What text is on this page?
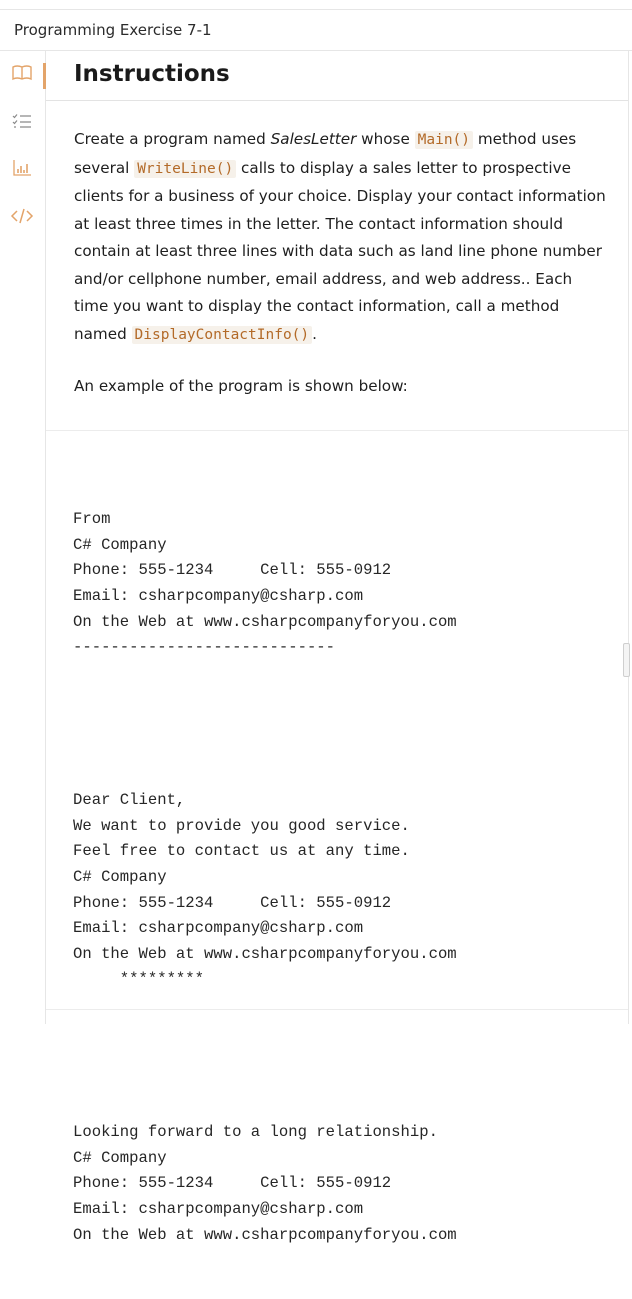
Programming Exercise 7-1
Instructions

Create a program named SalesLetter whose Main() method uses several WriteLine() calls to display a sales letter to prospective clients for a business of your choice. Display your contact information at least three times in the letter. The contact information should contain at least three lines with data such as land line phone number and/or cellphone number, email address, and web address.. Each time you want to display the contact information, call a method named DisplayContactInfo() .

An example of the program is shown below:

From
C# Company
Phone: 555-1234     Cell: 555-0912
Email: csharpcompany@csharp.com
On the Web at www.csharpcompanyforyou.com
----------------------------

Dear Client,
We want to provide you good service.
Feel free to contact us at any time.
C# Company
Phone: 555-1234     Cell: 555-0912
Email: csharpcompany@csharp.com
On the Web at www.csharpcompanyforyou.com
*********

Looking forward to a long relationship.
C# Company
Phone: 555-1234     Cell: 555-0912
Email: csharpcompany@csharp.com
On the Web at www.csharpcompanyforyou.com
